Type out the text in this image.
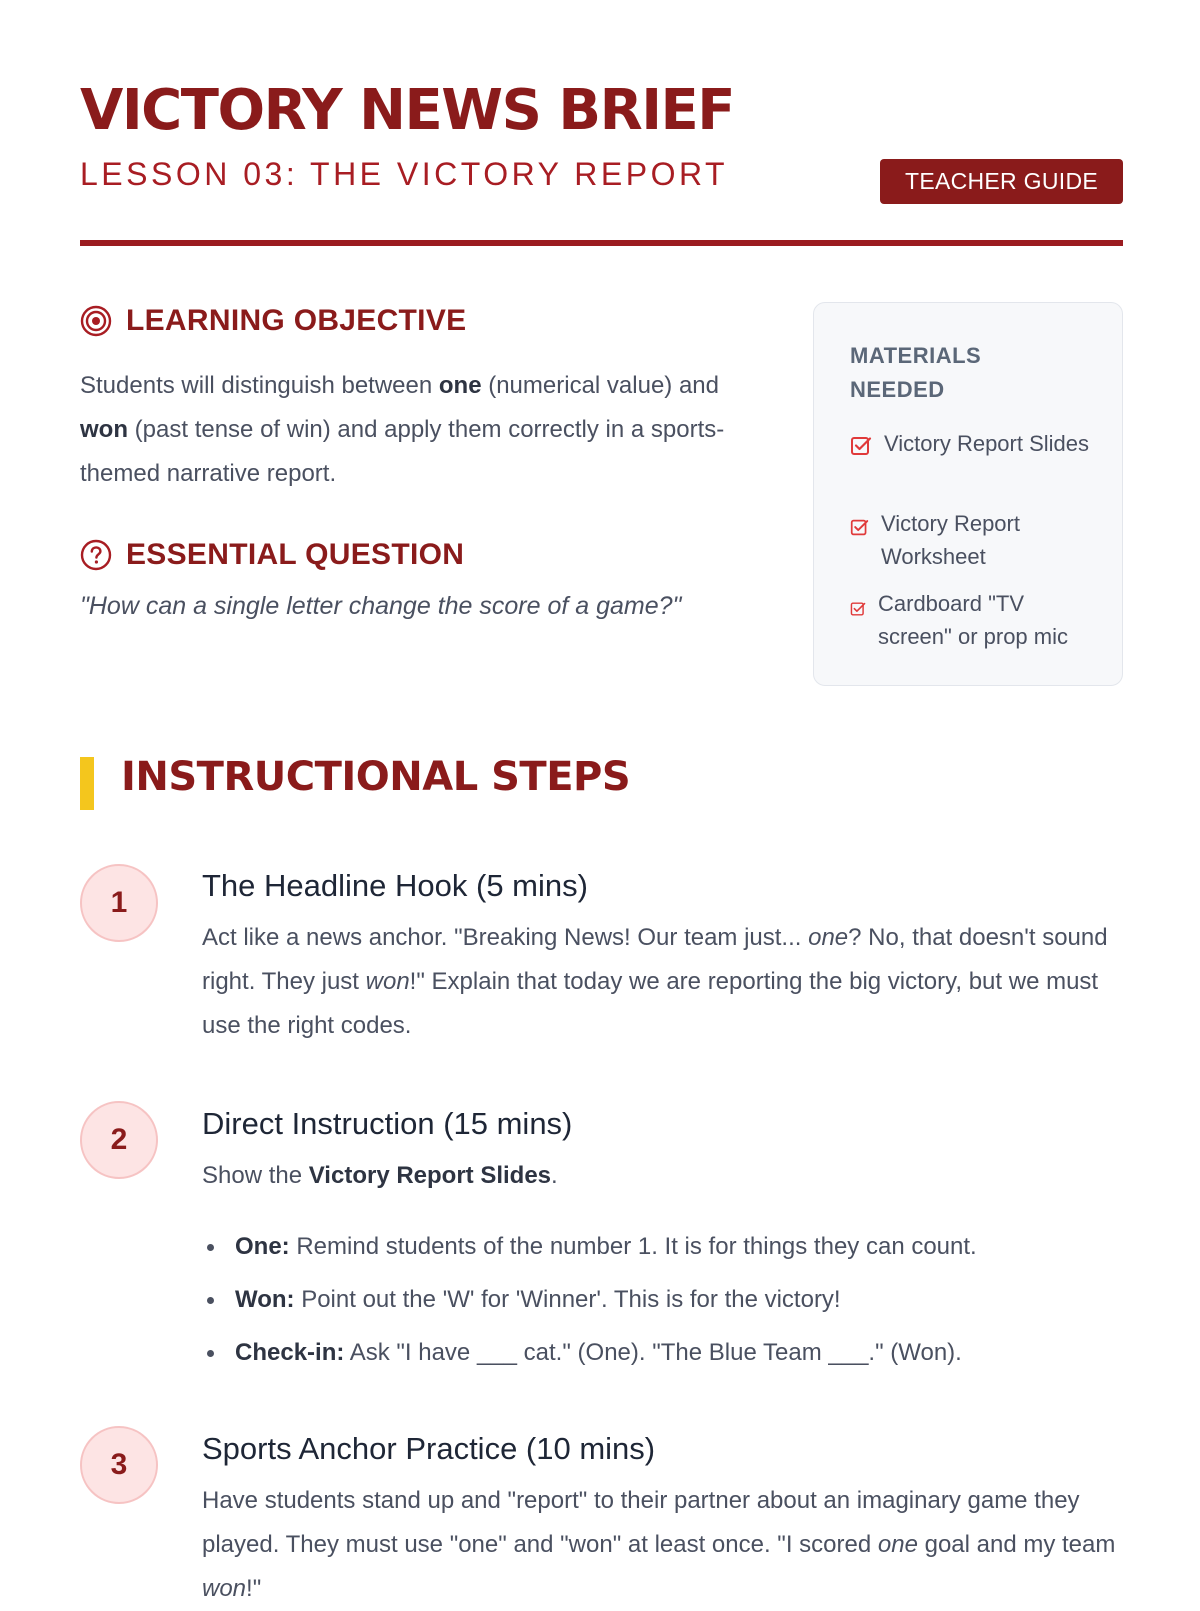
VICTORY NEWS BRIEF
LESSON 03: THE VICTORY REPORT	TEACHER GUIDE
LEARNING OBJECTIVE

Students will distinguish between one (numerical value) and won (past tense of win) and apply them correctly in a sports-themed narrative report.

ESSENTIAL QUESTION

"How can a single letter change the score of a game?"

MATERIALS NEEDED

Victory Report Slides
Victory Report Worksheet
Cardboard "TV screen" or prop mic
INSTRUCTIONAL STEPS
1	The Headline Hook (5 mins)

Act like a news anchor. "Breaking News! Our team just... one? No, that doesn't sound right. They just won!" Explain that today we are reporting the big victory, but we must use the right codes.

2	Direct Instruction (15 mins)

Show the Victory Report Slides.

One: Remind students of the number 1. It is for things they can count.
Won: Point out the 'W' for 'Winner'. This is for the victory!
Check-in: Ask "I have ___ cat." (One). "The Blue Team ___." (Won).
3	Sports Anchor Practice (10 mins)

Have students stand up and "report" to their partner about an imaginary game they played. They must use "one" and "won" at least once. "I scored one goal and my team won!"
